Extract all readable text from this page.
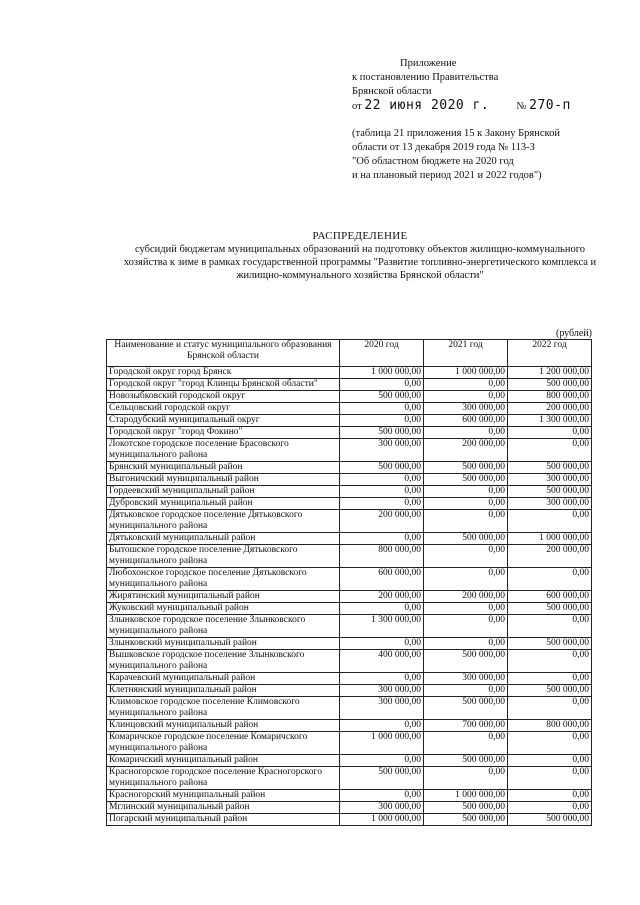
Приложение
к постановлению Правительства
Брянской области
от 22 июня 2020 г.	№ 270-п
(таблица 21 приложения 15 к Закону Брянской
области от 13 декабря 2019 года № 113-З
"Об областном бюджете на 2020 год
и на плановый период 2021 и 2022 годов")
РАСПРЕДЕЛЕНИЕ
субсидий бюджетам муниципальных образований на подготовку объектов жилищно-коммунального
хозяйства к зиме в рамках государственной программы "Развитие топливно-энергетического комплекса и
жилищно-коммунального хозяйства Брянской области"
(рублей)
Наименование и статус муниципального образования Брянской области	2020 год	2021 год	2022 год
Городской округ город Брянск	1 000 000,00	1 000 000,00	1 200 000,00
Городской округ "город Клинцы Брянской области"	0,00	0,00	500 000,00
Новозыбковский городской округ	500 000,00	0,00	800 000,00
Сельцовский городской округ	0,00	300 000,00	200 000,00
Стародубский муниципальный округ	0,00	600 000,00	1 300 000,00
Городской округ "город Фокино"	500 000,00	0,00	0,00
Локотское городское поселение Брасовского муниципального района	300 000,00	200 000,00	0,00
Брянский муниципальный район	500 000,00	500 000,00	500 000,00
Выгоничский муниципальный район	0,00	500 000,00	300 000,00
Гордеевский муниципальный район	0,00	0,00	500 000,00
Дубровский муниципальный район	0,00	0,00	300 000,00
Дятьковское городское поселение Дятьковского муниципального района	200 000,00	0,00	0,00
Дятьковский муниципальный район	0,00	500 000,00	1 000 000,00
Бытошское городское поселение Дятьковского муниципального района	800 000,00	0,00	200 000,00
Любохонское городское поселение Дятьковского муниципального района	600 000,00	0,00	0,00
Жирятинский муниципальный район	200 000,00	200 000,00	600 000,00
Жуковский муниципальный район	0,00	0,00	500 000,00
Злынковское городское поселение Злынковского муниципального района	1 300 000,00	0,00	0,00
Злынковский муниципальный район	0,00	0,00	500 000,00
Вышковское городское поселение Злынковского муниципального района	400 000,00	500 000,00	0,00
Карачевский муниципальный район	0,00	300 000,00	0,00
Клетнянский муниципальный район	300 000,00	0,00	500 000,00
Климовское городское поселение Климовского муниципального района	300 000,00	500 000,00	0,00
Клинцовский муниципальный район	0,00	700 000,00	800 000,00
Комаричское городское поселение Комаричского муниципального района	1 000 000,00	0,00	0,00
Комаричский муниципальный район	0,00	500 000,00	0,00
Красногорское городское поселение Красногорского муниципального района	500 000,00	0,00	0,00
Красногорский муниципальный район	0,00	1 000 000,00	0,00
Мглинский муниципальный район	300 000,00	500 000,00	0,00
Погарский муниципальный район	1 000 000,00	500 000,00	500 000,00
